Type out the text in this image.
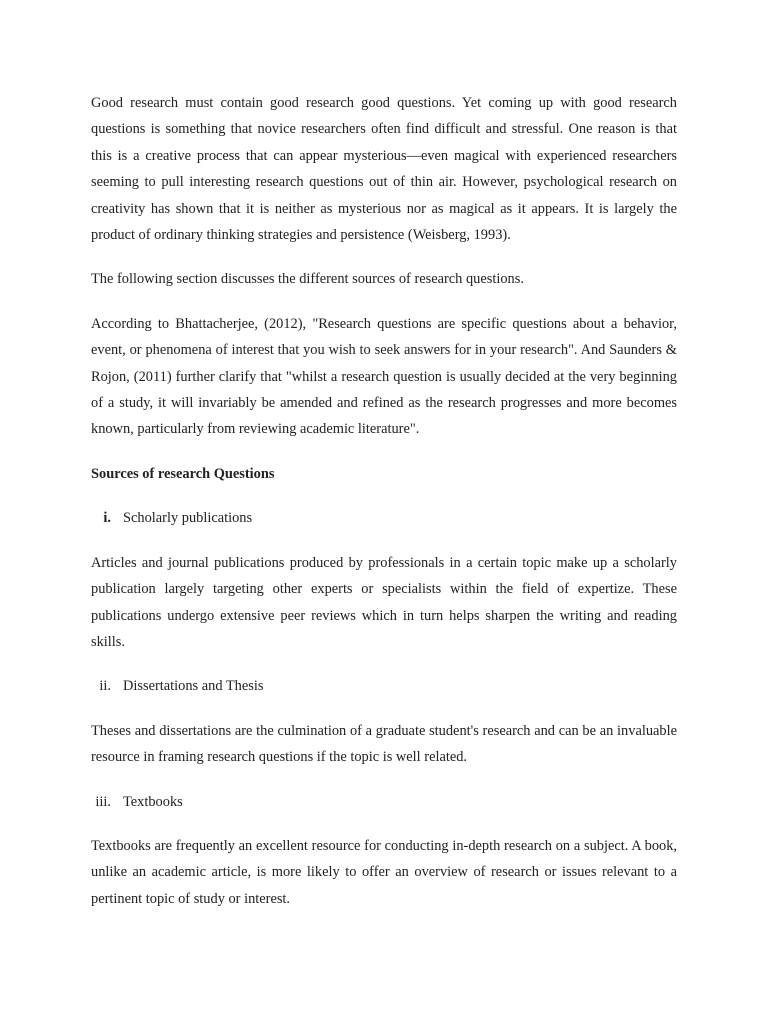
Good research must contain good research good questions. Yet coming up with good research questions is something that novice researchers often find difficult and stressful. One reason is that this is a creative process that can appear mysterious—even magical with experienced researchers seeming to pull interesting research questions out of thin air. However, psychological research on creativity has shown that it is neither as mysterious nor as magical as it appears. It is largely the product of ordinary thinking strategies and persistence (Weisberg, 1993).

The following section discusses the different sources of research questions.

According to Bhattacherjee, (2012), "Research questions are specific questions about a behavior, event, or phenomena of interest that you wish to seek answers for in your research". And Saunders & Rojon, (2011) further clarify that "whilst a research question is usually decided at the very beginning of a study, it will invariably be amended and refined as the research progresses and more becomes known, particularly from reviewing academic literature".

Sources of research Questions

i. Scholarly publications

Articles and journal publications produced by professionals in a certain topic make up a scholarly publication largely targeting other experts or specialists within the field of expertize. These publications undergo extensive peer reviews which in turn helps sharpen the writing and reading skills.

ii. Dissertations and Thesis

Theses and dissertations are the culmination of a graduate student's research and can be an invaluable resource in framing research questions if the topic is well related.

iii. Textbooks

Textbooks are frequently an excellent resource for conducting in-depth research on a subject. A book, unlike an academic article, is more likely to offer an overview of research or issues relevant to a pertinent topic of study or interest.
